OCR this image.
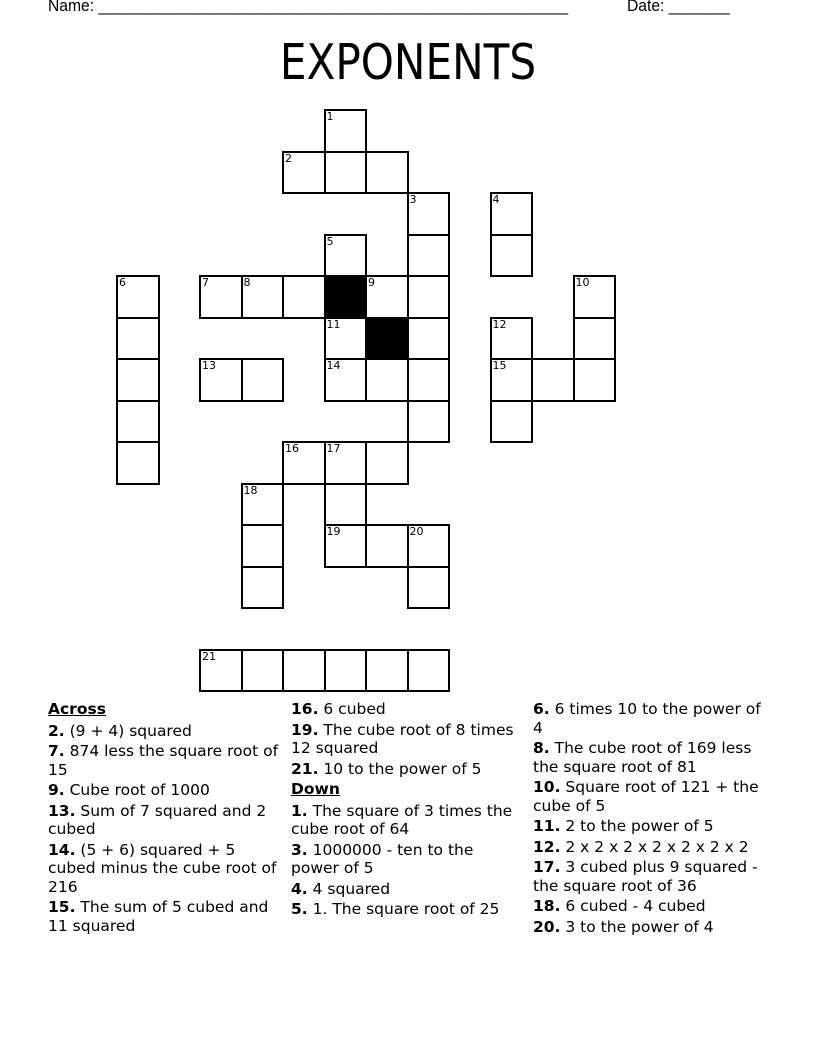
Name: ______________________________________________________	Date: _______
EXPONENTS
1
2
3	4
5
6	7	8	9	10
11	12
13	14	15
16	17
18
19	20
21
Across
2. (9 + 4) squared
7. 874 less the square root of 15
9. Cube root of 1000
13. Sum of 7 squared and 2 cubed
14. (5 + 6) squared + 5 cubed minus the cube root of 216
15. The sum of 5 cubed and 11 squared
16. 6 cubed
19. The cube root of 8 times 12 squared
21. 10 to the power of 5
Down
1. The square of 3 times the cube root of 64
3. 1000000 - ten to the power of 5
4. 4 squared
5. 1. The square root of 25
6. 6 times 10 to the power of 4
8. The cube root of 169 less the square root of 81
10. Square root of 121 + the cube of 5
11. 2 to the power of 5
12. 2 x 2 x 2 x 2 x 2 x 2 x 2
17. 3 cubed plus 9 squared - the square root of 36
18. 6 cubed - 4 cubed
20. 3 to the power of 4
